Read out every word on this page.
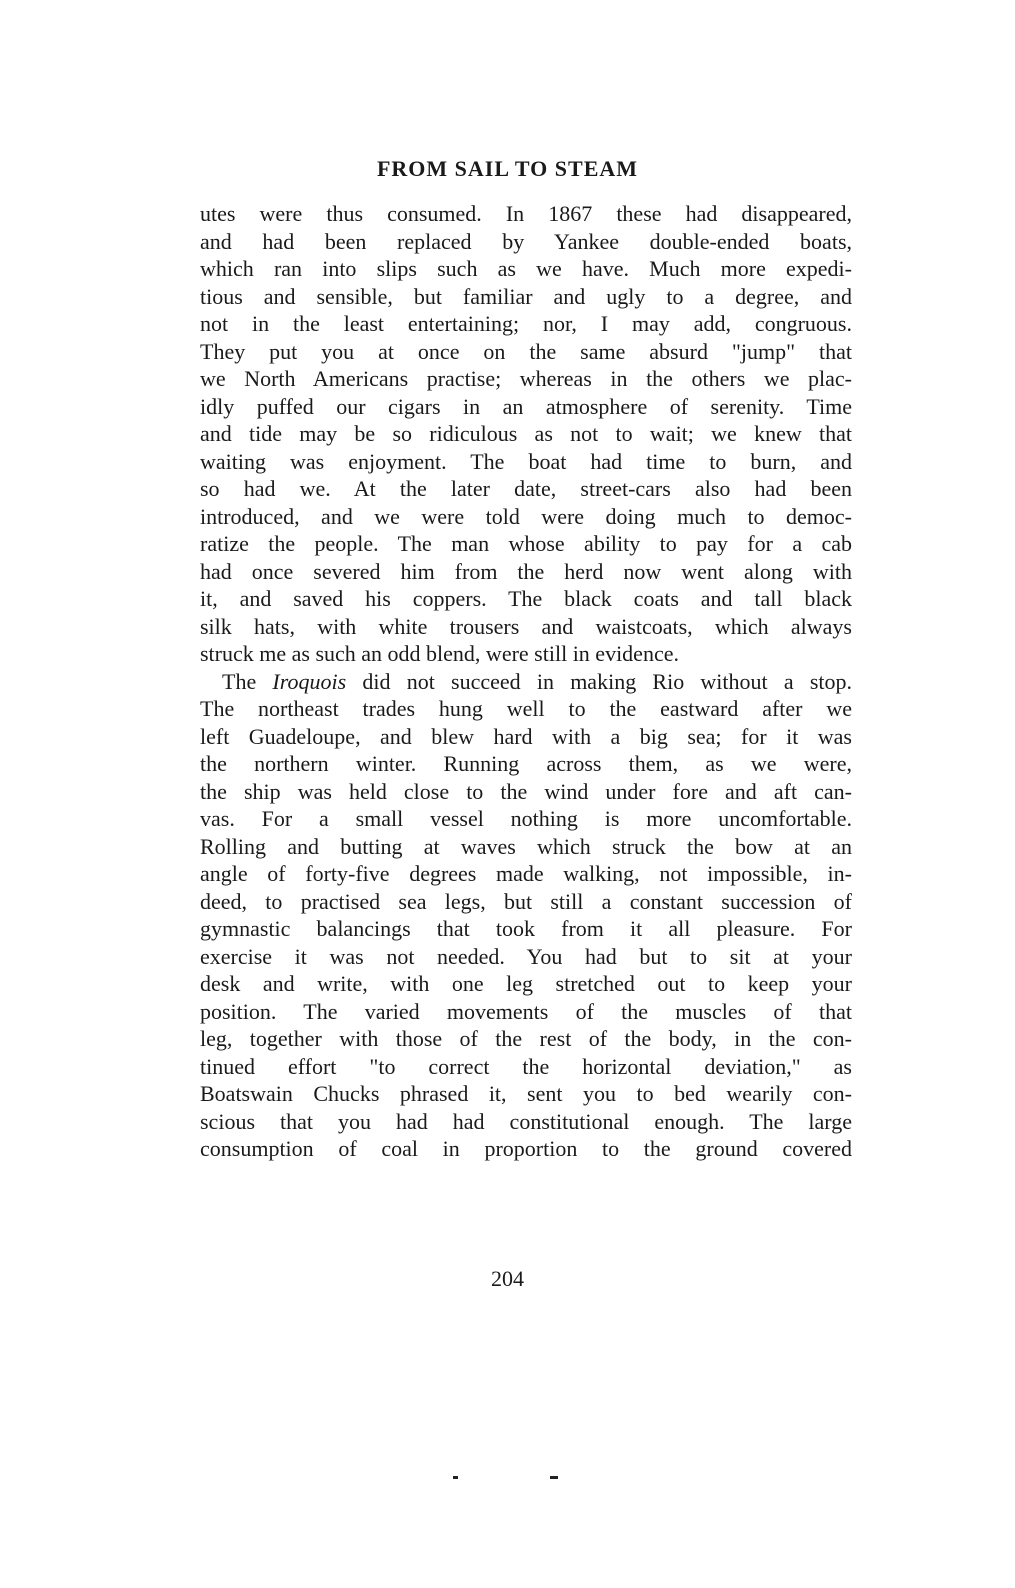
FROM SAIL TO STEAM
utes were thus consumed. In 1867 these had disappeared,
and had been replaced by Yankee double-ended boats,
which ran into slips such as we have. Much more expedi-
tious and sensible, but familiar and ugly to a degree, and
not in the least entertaining; nor, I may add, congruous.
They put you at once on the same absurd "jump" that
we North Americans practise; whereas in the others we plac-
idly puffed our cigars in an atmosphere of serenity. Time
and tide may be so ridiculous as not to wait; we knew that
waiting was enjoyment. The boat had time to burn, and
so had we. At the later date, street-cars also had been
introduced, and we were told were doing much to democ-
ratize the people. The man whose ability to pay for a cab
had once severed him from the herd now went along with
it, and saved his coppers. The black coats and tall black
silk hats, with white trousers and waistcoats, which always
struck me as such an odd blend, were still in evidence.
The Iroquois did not succeed in making Rio without a stop.
The northeast trades hung well to the eastward after we
left Guadeloupe, and blew hard with a big sea; for it was
the northern winter. Running across them, as we were,
the ship was held close to the wind under fore and aft can-
vas. For a small vessel nothing is more uncomfortable.
Rolling and butting at waves which struck the bow at an
angle of forty-five degrees made walking, not impossible, in-
deed, to practised sea legs, but still a constant succession of
gymnastic balancings that took from it all pleasure. For
exercise it was not needed. You had but to sit at your
desk and write, with one leg stretched out to keep your
position. The varied movements of the muscles of that
leg, together with those of the rest of the body, in the con-
tinued effort "to correct the horizontal deviation," as
Boatswain Chucks phrased it, sent you to bed wearily con-
scious that you had had constitutional enough. The large
consumption of coal in proportion to the ground covered
204
